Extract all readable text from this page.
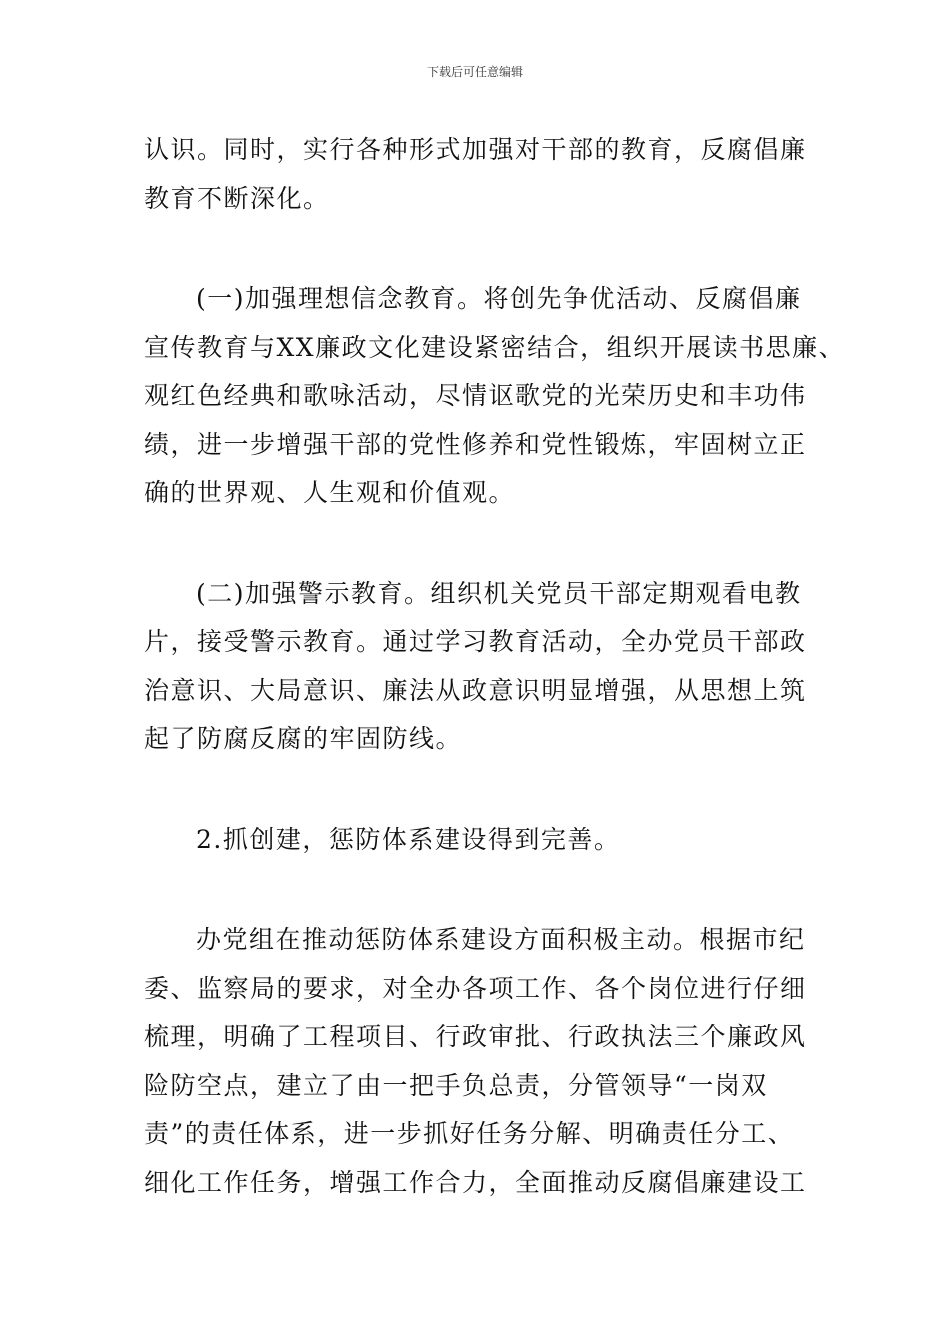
下载后可任意编辑

认识。同时，实行各种形式加强对干部的教育，反腐倡廉
教育不断深化。

(一)加强理想信念教育。将创先争优活动、反腐倡廉
宣传教育与XX廉政文化建设紧密结合，组织开展读书思廉、
观红色经典和歌咏活动，尽情讴歌党的光荣历史和丰功伟
绩，进一步增强干部的党性修养和党性锻炼，牢固树立正
确的世界观、人生观和价值观。

(二)加强警示教育。组织机关党员干部定期观看电教
片，接受警示教育。通过学习教育活动，全办党员干部政
治意识、大局意识、廉法从政意识明显增强，从思想上筑
起了防腐反腐的牢固防线。

2.抓创建，惩防体系建设得到完善。

办党组在推动惩防体系建设方面积极主动。根据市纪
委、监察局的要求，对全办各项工作、各个岗位进行仔细
梳理，明确了工程项目、行政审批、行政执法三个廉政风
险防空点，建立了由一把手负总责，分管领导“一岗双
责”的责任体系，进一步抓好任务分解、明确责任分工、
细化工作任务，增强工作合力，全面推动反腐倡廉建设工
